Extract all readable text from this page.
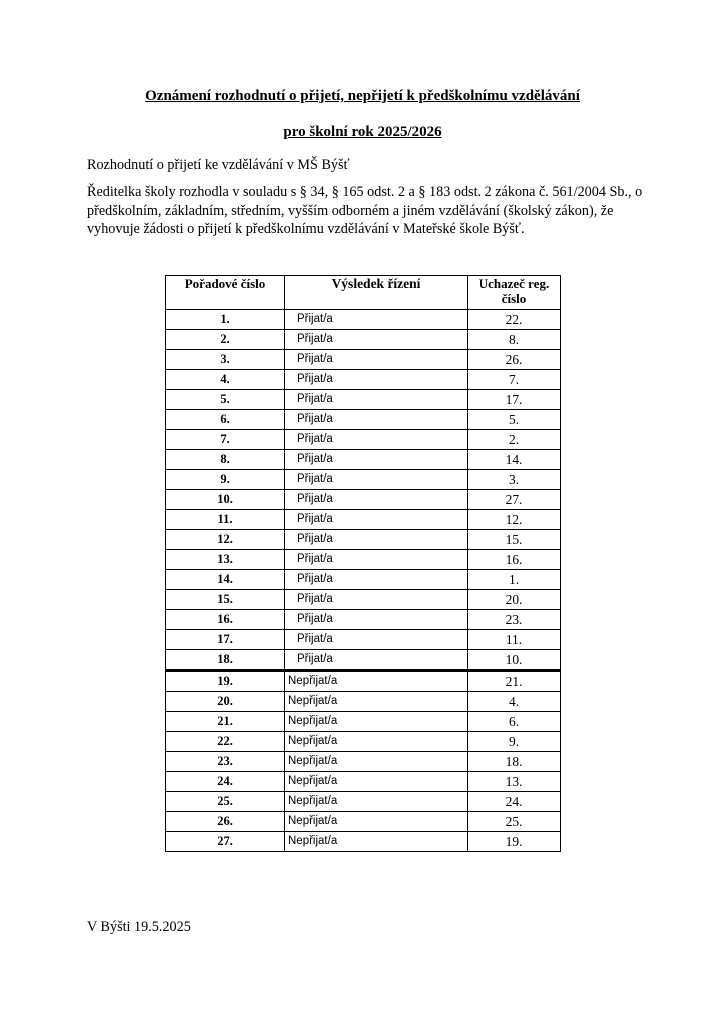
Oznámení rozhodnutí o přijetí, nepřijetí k předškolnímu vzdělávání
pro školní rok 2025/2026
Rozhodnutí o přijetí ke vzdělávání v MŠ Býšť
Ředitelka školy rozhodla v souladu s § 34, § 165 odst. 2 a § 183 odst. 2 zákona č. 561/2004 Sb., o předškolním, základním, středním, vyšším odborném a jiném vzdělávání (školský zákon), že vyhovuje žádosti o přijetí k předškolnímu vzdělávání v Mateřské škole Býšť.
Pořadové číslo	Výsledek řízení	Uchazeč reg. číslo
1.	Přijat/a	22.
2.	Přijat/a	8.
3.	Přijat/a	26.
4.	Přijat/a	7.
5.	Přijat/a	17.
6.	Přijat/a	5.
7.	Přijat/a	2.
8.	Přijat/a	14.
9.	Přijat/a	3.
10.	Přijat/a	27.
11.	Přijat/a	12.
12.	Přijat/a	15.
13.	Přijat/a	16.
14.	Přijat/a	1.
15.	Přijat/a	20.
16.	Přijat/a	23.
17.	Přijat/a	11.
18.	Přijat/a	10.
19.	Nepřijat/a	21.
20.	Nepřijat/a	4.
21.	Nepřijat/a	6.
22.	Nepřijat/a	9.
23.	Nepřijat/a	18.
24.	Nepřijat/a	13.
25.	Nepřijat/a	24.
26.	Nepřijat/a	25.
27.	Nepřijat/a	19.
V Býšti 19.5.2025
